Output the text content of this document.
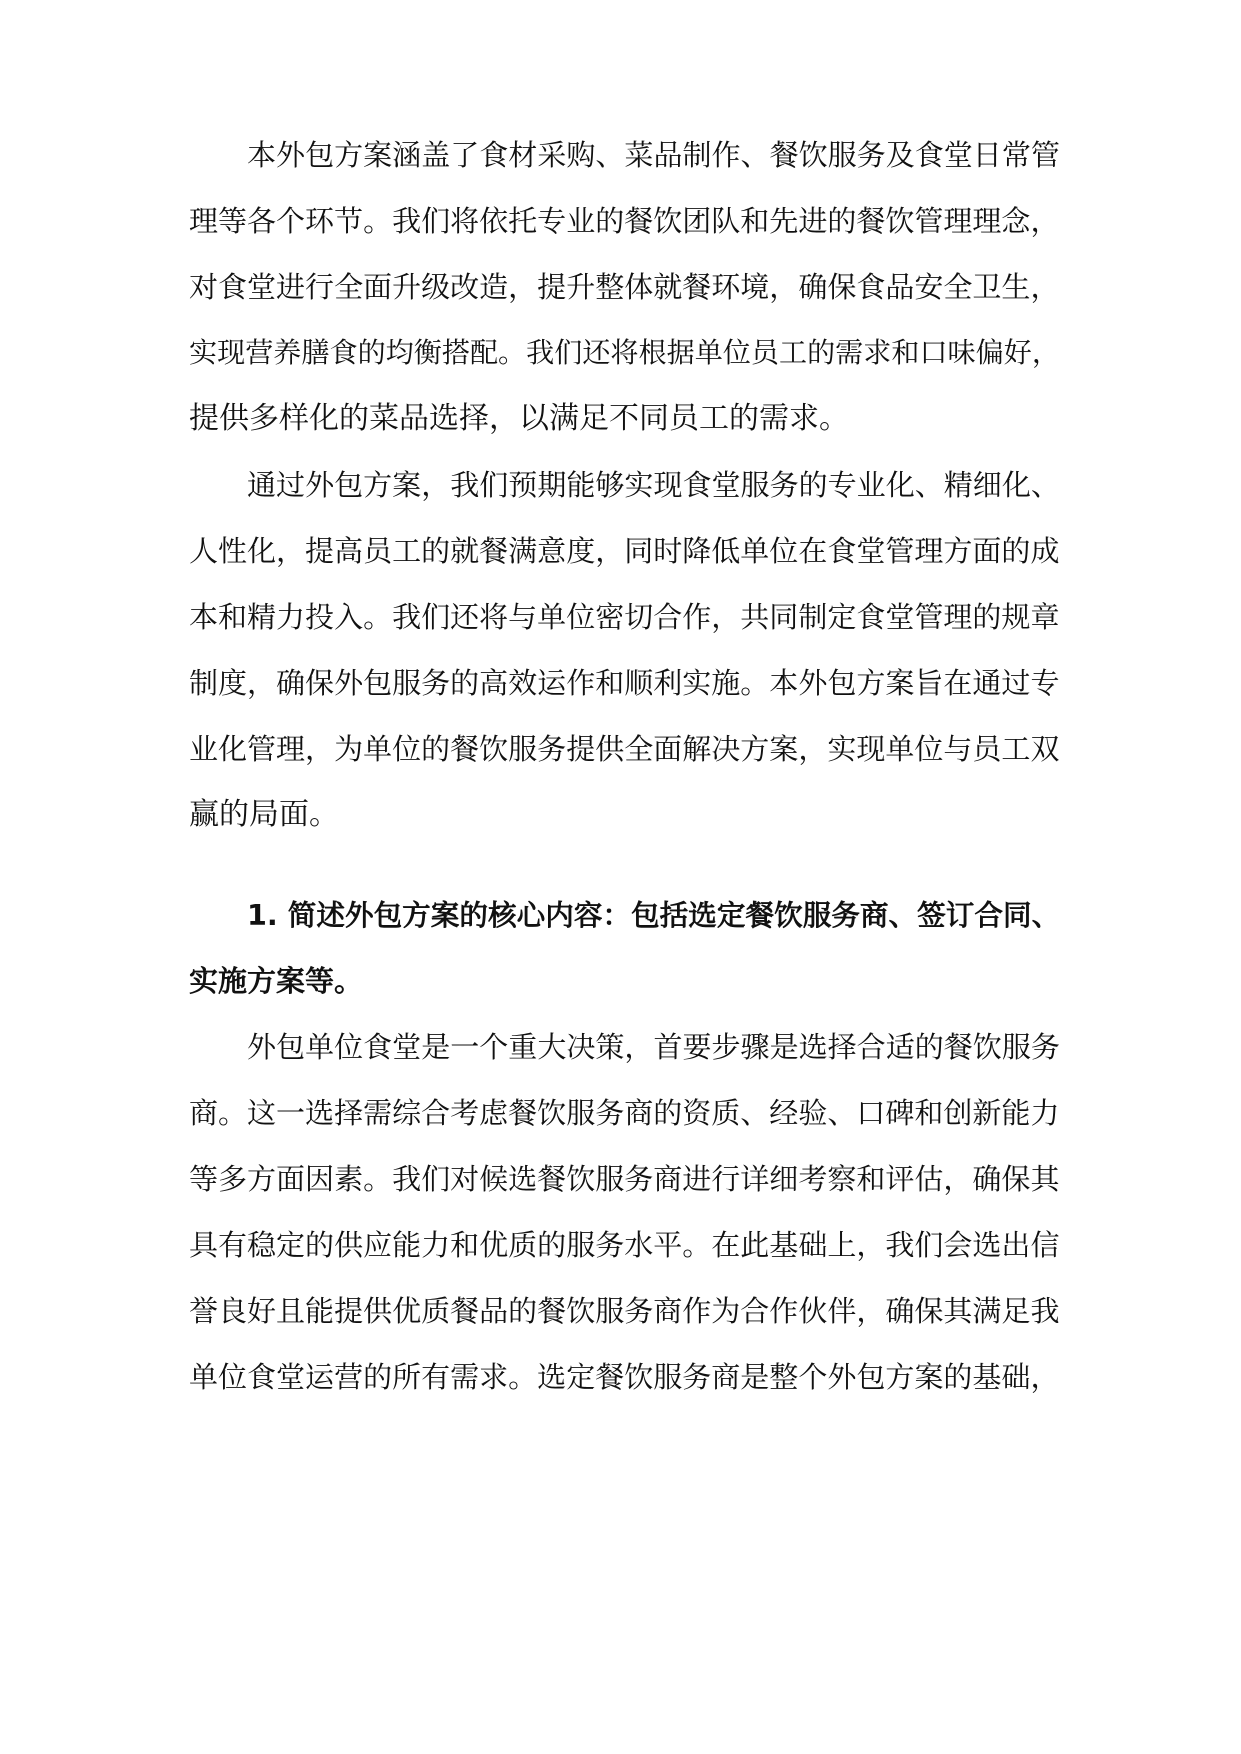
本外包方案涵盖了食材采购、菜品制作、餐饮服务及食堂日常管
理等各个环节。我们将依托专业的餐饮团队和先进的餐饮管理理念，
对食堂进行全面升级改造，提升整体就餐环境，确保食品安全卫生，
实现营养膳食的均衡搭配。我们还将根据单位员工的需求和口味偏好，
提供多样化的菜品选择，以满足不同员工的需求。
通过外包方案，我们预期能够实现食堂服务的专业化、精细化、
人性化，提高员工的就餐满意度，同时降低单位在食堂管理方面的成
本和精力投入。我们还将与单位密切合作，共同制定食堂管理的规章
制度，确保外包服务的高效运作和顺利实施。本外包方案旨在通过专
业化管理，为单位的餐饮服务提供全面解决方案，实现单位与员工双
赢的局面。
1. 简述外包方案的核心内容：包括选定餐饮服务商、签订合同、
实施方案等。
外包单位食堂是一个重大决策，首要步骤是选择合适的餐饮服务
商。这一选择需综合考虑餐饮服务商的资质、经验、口碑和创新能力
等多方面因素。我们对候选餐饮服务商进行详细考察和评估，确保其
具有稳定的供应能力和优质的服务水平。在此基础上，我们会选出信
誉良好且能提供优质餐品的餐饮服务商作为合作伙伴，确保其满足我
单位食堂运营的所有需求。选定餐饮服务商是整个外包方案的基础，
